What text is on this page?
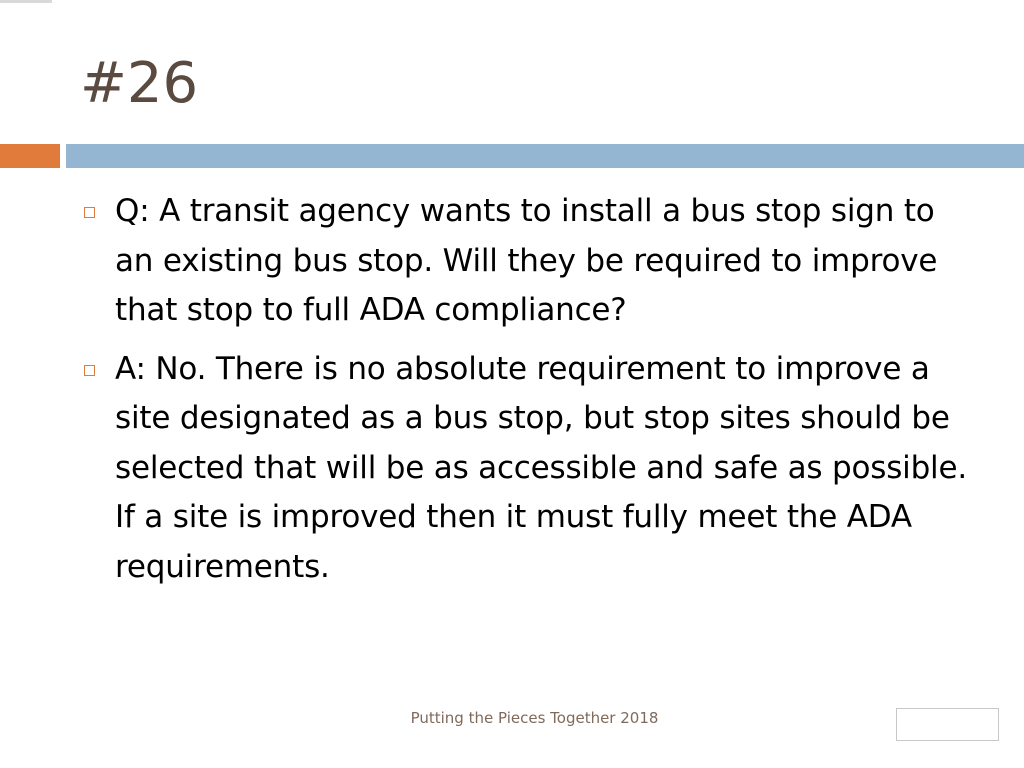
#26
Q: A transit agency wants to install a bus stop sign to an existing bus stop. Will they be required to improve that stop to full ADA compliance?
A: No. There is no absolute requirement to improve a site designated as a bus stop, but stop sites should be selected that will be as accessible and safe as possible. If a site is improved then it must fully meet the ADA requirements.
Putting the Pieces Together 2018
